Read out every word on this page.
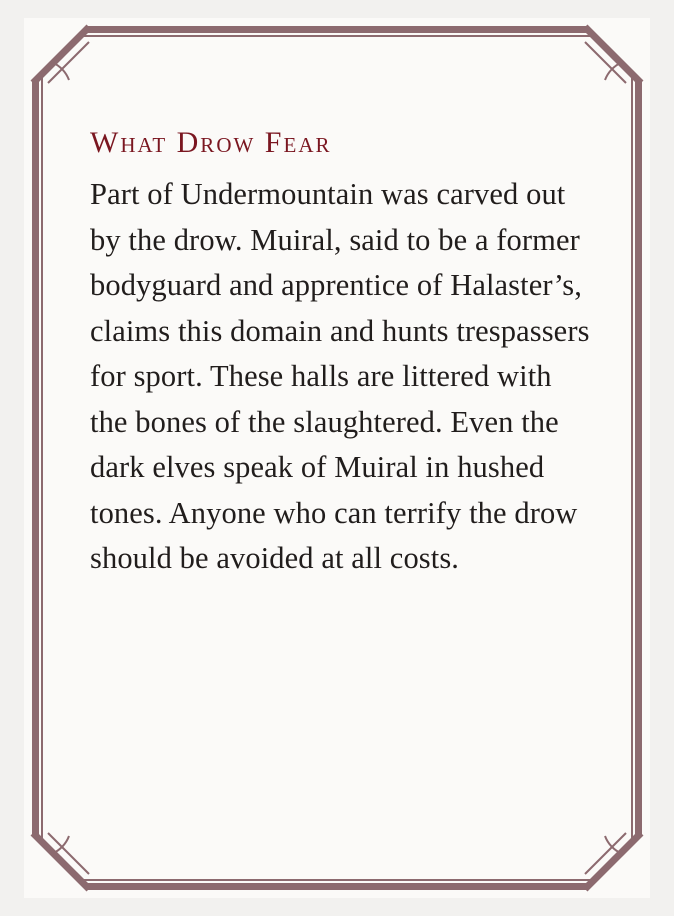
What Drow Fear

Part of Undermountain was carved out by the drow. Muiral, said to be a former bodyguard and apprentice of Halaster’s, claims this domain and hunts trespassers for sport. These halls are littered with the bones of the slaughtered. Even the dark elves speak of Muiral in hushed tones. Anyone who can terrify the drow should be avoided at all costs.
